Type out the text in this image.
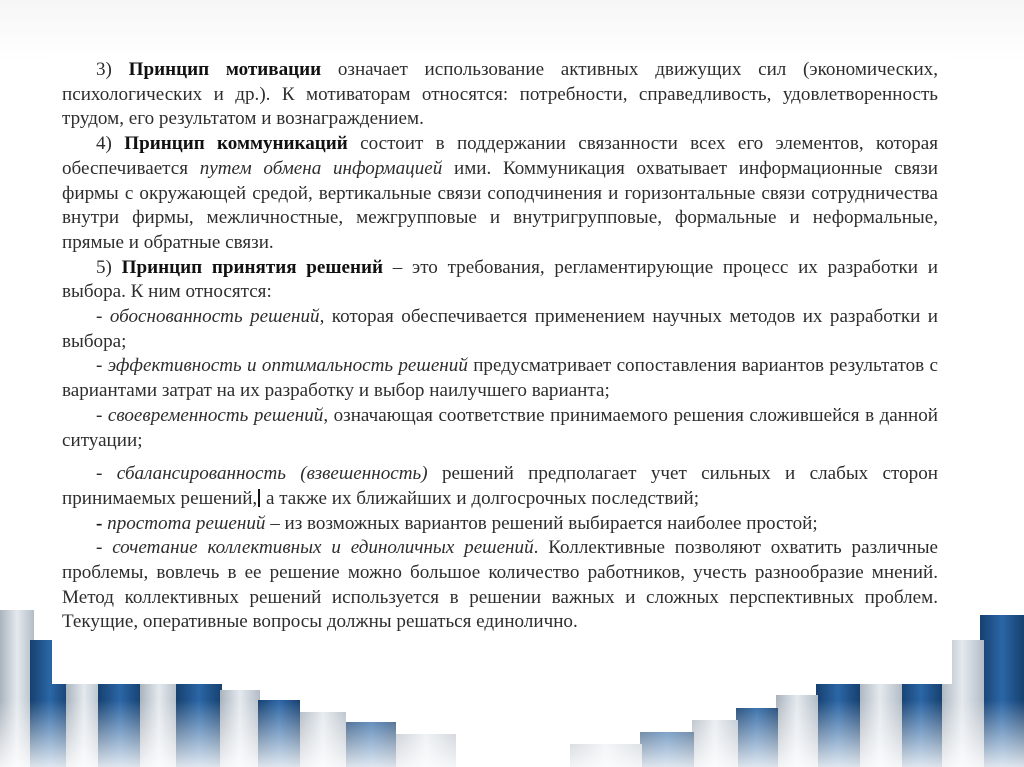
3) Принцип мотивации означает использование активных движущих сил (экономических, психологических и др.). К мотиваторам относятся: потребности, справедливость, удовлетворенность трудом, его результатом и вознаграждением.

4) Принцип коммуникаций состоит в поддержании связанности всех его элементов, которая обеспечивается путем обмена информацией ими. Коммуникация охватывает информационные связи фирмы с окружающей средой, вертикальные связи соподчинения и горизонтальные связи сотрудничества внутри фирмы, межличностные, межгрупповые и внутригрупповые, формальные и неформальные, прямые и обратные связи.

5) Принцип принятия решений – это требования, регламентирующие процесс их разработки и выбора. К ним относятся:

- обоснованность решений, которая обеспечивается применением научных методов их разработки и выбора;

- эффективность и оптимальность решений предусматривает сопоставления вариантов результатов с вариантами затрат на их разработку и выбор наилучшего варианта;

- своевременность решений, означающая соответствие принимаемого решения сложившейся в данной ситуации;

- сбалансированность (взвешенность) решений предполагает учет сильных и слабых сторон принимаемых решений, а также их ближайших и долгосрочных последствий;

- простота решений – из возможных вариантов решений выбирается наиболее простой;

- сочетание коллективных и единоличных решений. Коллективные позволяют охватить различные проблемы, вовлечь в ее решение можно большое количество работников, учесть разнообразие мнений. Метод коллективных решений используется в решении важных и сложных перспективных проблем. Текущие, оперативные вопросы должны решаться единолично.
